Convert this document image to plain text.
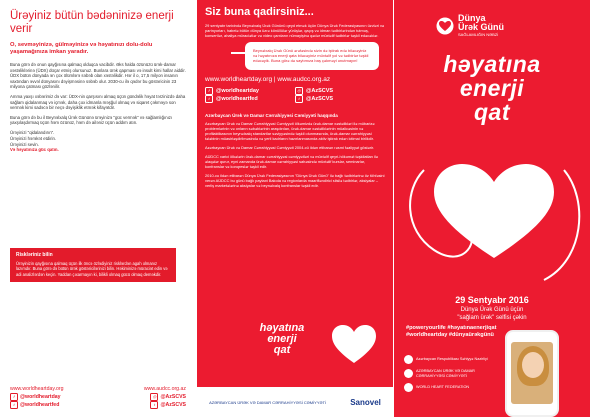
Ürəyiniz bütün bədəninizə enerji verir
O, sevməyinizə, gülməyinizə və həyatınızı dolu-dolu yaşamağınıza imkan yaradır.

Buna görə də onun qayğısına qalmaq olduqca vacibdir. Əks halda özünüzü ürək-damar xəstəliklərinə (ÜDX) düçar etmiş olursunuz. Bunlara ürək qapması və insult kimi hallar aiddir. ÜDX bütün dünyada ən çox ölümlərə səbəb olan xəstəlikdir. Hər il o, 17,5 milyon insanın vaxtından əvvəl dünyasını dəyişməsinə səbəb olur. 2030-cu ilə qədər bu göstəricinin 23 milyona çatması gözlənilir.

Amma yaxşı xəbərimiz də var: ÜDX-nin qarşısını almaq üçün gündəlik həyat tərzinizdə daha sağlam qidalanmaq və içmək, daha çox idmanla məşğul olmaq və siqaret çəkməyə son vermək kimi sadəcə bir neçə dəyişiklik etmək kifayətdir.

Buna görə də bu il Beynəlxalq Ürək Gününə ürəyinizə "güc vermək" və sağlamlığınızı yaxşılaşdırmaq üçün həm özünüz, həm də ailəniz üçün addım atın.

Ürəyinizi "qidalandırın".
Ürəyinizi hərəkət etdirin.
Ürəyinizi sevin.
Və həyatınıza güc qatın.
Riskləriniz bilin

Ürəyinizin qayğısına qalmaq üçün ilk öncə özlədiyiniz risklərdən agah olmanız lazımdır. Buna görə də bütün ürək göstəricilərinizi bilin. Həkiminizə müraciət edin və adi analizlərdən keçin. Yaddan çıxarmayın ki, bilikli olmaq gücü olmaq deməkdir.

www.worldheartday.org	www.audcc.org.az
f	@worldheartday	◎ @AzSCVS
t	@worldheartfed	t	@AzSCVS
Siz buna qadirsiniz...

29 sentyabr tarixində Beynəlxalq Ürək Gününü qeyd etmək üçün Dünya Ürək Federasiyasının üzvləri və partnyorları, habelə bütün dünya üzrə könüllülər yürüşlər, qaçış və idman tədbirlərindən tutmuş, konsertlər, ahaliya müraciətlər və video çarxların nümayişinə qədər müxtəlif tədbirlər təşkil edəcəklər.

Beynəlxalq Ürək Günü ərəfəsində sizin də iştirak edə biləcəyiniz və həyatınıza enerji qata biləcəyiniz müxtəlif yol və tədbirlər təşkil edəcəyik. Buna görə də saytımıza baş çəkməyi unutmayın!
www.worldheartday.org | www.audcc.org.az
f	@worldheartday	◎ @AzSCVS
t	@worldheartfed	t	@AzSCVS
Azərbaycan Ürək və Damar Cərrahiyyəsi Cəmiyyəti haqqında

Azərbaycan Ürək və Damar Cərrahiyyəsi Cəmiyyəti ölkəmizdə ürək-damar xəstəlikləri ilə mübarizə problemlərinin və onların səbəblərinin araşdırılan, ürək-damar xəstəliklərinin müalicəsinin və profilaktikasının beynəlxalq standartlar səviyyəsində təşkil olunmasında, ürək-damar cərrahiyyəsi tələbinin müasirləşdirilməsində və yerli kadrların hazırlanmasında aktiv iştirak edən ictimai birlikdir.

Azərbaycan Ürək və Damar Cərrahiyyəsi Cəmiyyəti 2004-cü ildən etibarən rəsmi fəaliyyət göstərir.

AÜDCC xarici ölkələrin ürək-damar cərrahiyyəsi cəmiyyətləri və müxtəlif qeyri-hökumət təşkilatları ilə əlaqələr qurur, eyni zamanda ürək-damar cərrahiyyəsi sahəsində müxtəlif kurslar, seminarlar, konfranslar və konqreslər təşkil edir.

2010-cu ildən etibarən Dünya Ürək Federasiyasının "Dünya Ürək Günü" ilə bağlı tədbirlərinə öz töhfəsini verən AÜDCC bu günü bağlı paytaxt Bakıda və regionlarda maarifləndirici silsilə tədbirlər, aksiyalar – verliş marketələrinə aksiyalar və beynəlxalq konfranslar təşkil edir.

həyatına
enerji
qat
AZƏRBAYCAN ÜRƏK VƏ DAMAR CƏRRAHİYYƏSİ CƏMİYYƏTİ	Sanovel
Dünya
Ürək Günü
SAĞLAMLIĞIN NƏBZİ
həyatına
enerji
qat
29 Sentyabr 2016
Dünya Ürək Günü üçün
"sağlam ürək" selfisi çəkin
#poweryourlife #həyatınaenerjiqat
#worldheartday #dünyaürəkgünü
Azərbaycan Respublikası Səhiyyə Nazirliyi
AZƏRBAYCAN ÜRƏK VƏ DAMAR CƏRRAHİYYƏSİ CƏMİYYƏTİ
WORLD HEART FEDERATION
